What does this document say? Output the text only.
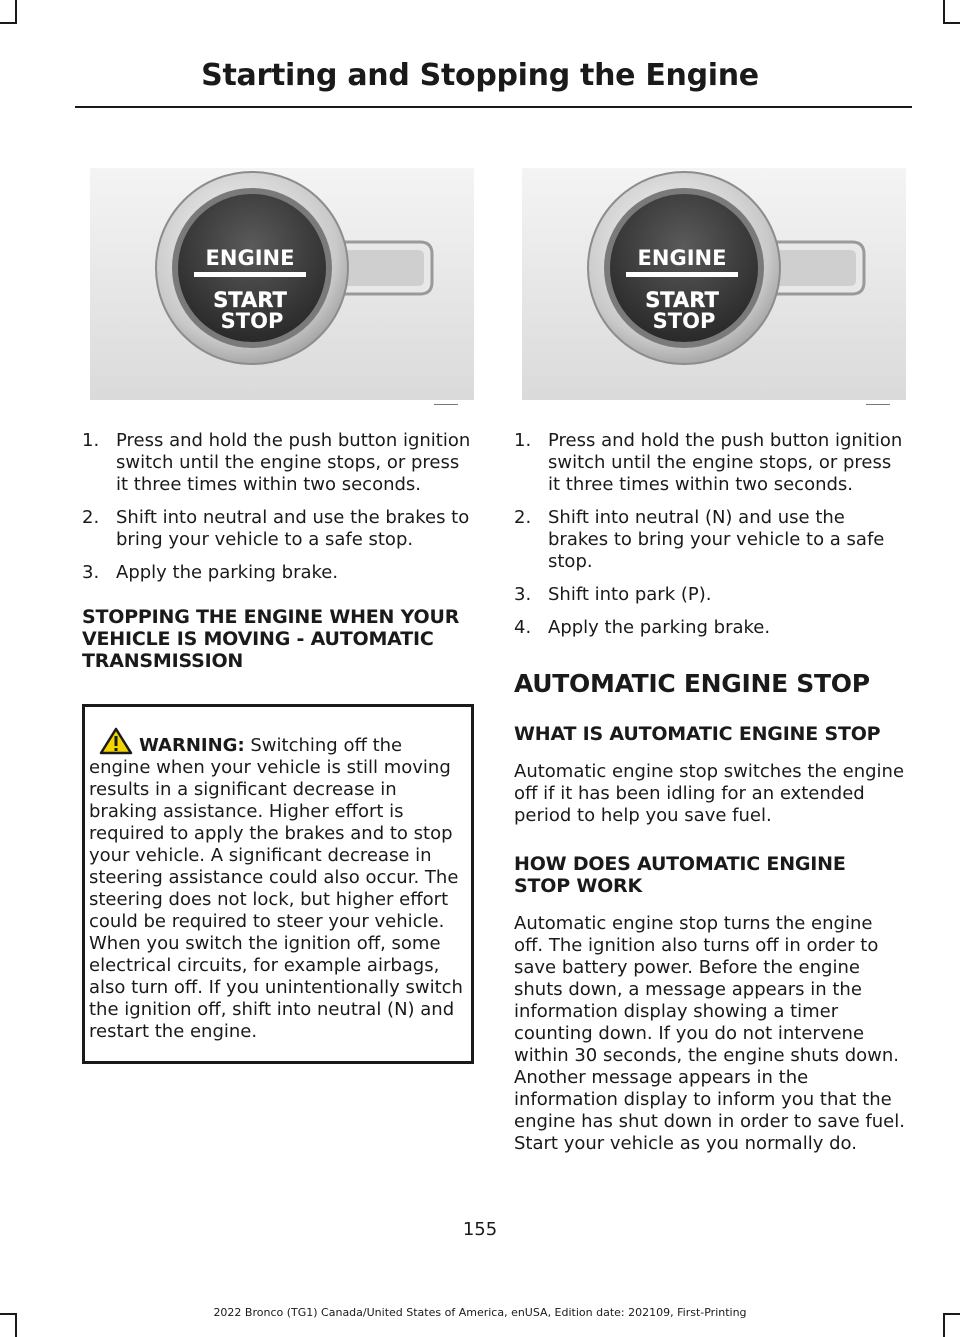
Starting and Stopping the Engine
ENGINE
START
STOP
ENGINE
START
STOP
1. Press and hold the push button ignition switch until the engine stops, or press it three times within two seconds.
2. Shift into neutral and use the brakes to bring your vehicle to a safe stop.
3. Apply the parking brake.
STOPPING THE ENGINE WHEN YOUR VEHICLE IS MOVING - AUTOMATIC TRANSMISSION
WARNING: Switching off the engine when your vehicle is still moving results in a significant decrease in braking assistance. Higher effort is required to apply the brakes and to stop your vehicle. A significant decrease in steering assistance could also occur. The steering does not lock, but higher effort could be required to steer your vehicle. When you switch the ignition off, some electrical circuits, for example airbags, also turn off. If you unintentionally switch the ignition off, shift into neutral (N) and restart the engine.
1. Press and hold the push button ignition switch until the engine stops, or press it three times within two seconds.
2. Shift into neutral (N) and use the brakes to bring your vehicle to a safe stop.
3. Shift into park (P).
4. Apply the parking brake.
AUTOMATIC ENGINE STOP
WHAT IS AUTOMATIC ENGINE STOP

Automatic engine stop switches the engine off if it has been idling for an extended period to help you save fuel.

HOW DOES AUTOMATIC ENGINE STOP WORK

Automatic engine stop turns the engine off. The ignition also turns off in order to save battery power. Before the engine shuts down, a message appears in the information display showing a timer counting down. If you do not intervene within 30 seconds, the engine shuts down. Another message appears in the information display to inform you that the engine has shut down in order to save fuel. Start your vehicle as you normally do.

155
2022 Bronco (TG1) Canada/United States of America, enUSA, Edition date: 202109, First-Printing
